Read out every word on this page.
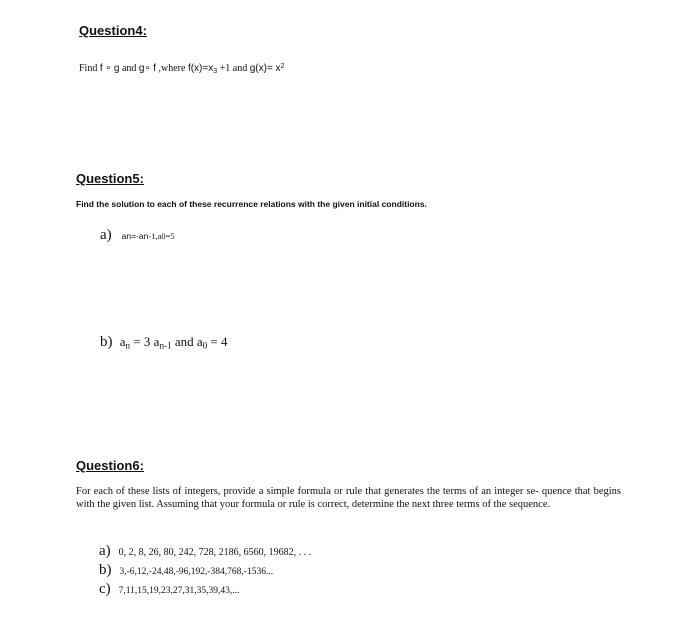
Question4:
Find f ∘ g and g∘ f ,where $f(x)=x_3 +1$ and $g(x)= x^2$
Question5:
Find the solution to each of these recurrence relations with the given initial conditions.
a) an=-an-1,a0=5
b) $a_n = 3$ $a_{n-1}$ and $a_0 = 4$
Question6:
For each of these lists of integers, provide a simple formula or rule that generates the terms of an integer se- quence that begins with the given list. Assuming that your formula or rule is correct, determine the next three terms of the sequence.
a) 0, 2, 8, 26, 80, 242, 728, 2186, 6560, 19682, . . .
b) 3,-6,12,-24,48,-96,192,-384,768,-1536...
c) 7,11,15,19,23,27,31,35,39,43,...
